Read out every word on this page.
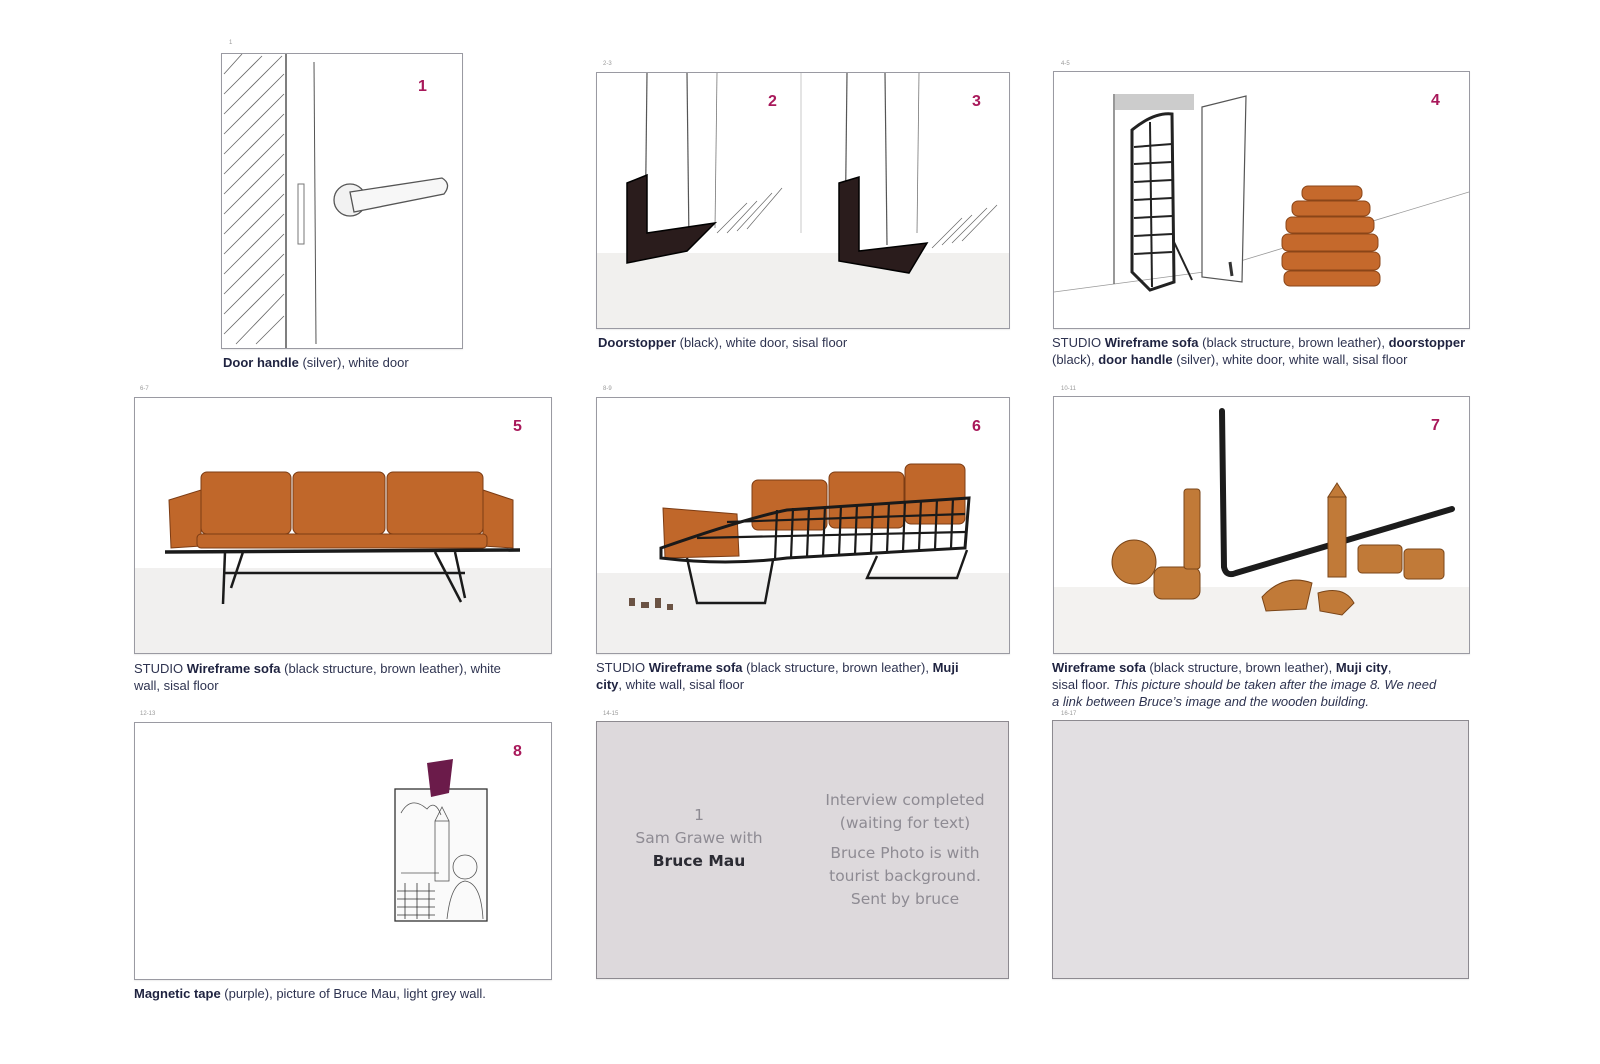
1
1
Door handle (silver), white door
2-3
2	3
Doorstopper (black), white door, sisal floor
4-5
4
STUDIO Wireframe sofa (black structure, brown leather), doorstopper
(black), door handle (silver), white door, white wall, sisal floor
6-7
5
STUDIO Wireframe sofa (black structure, brown leather), white
wall, sisal floor
8-9
6
STUDIO Wireframe sofa (black structure, brown leather), Muji
city, white wall, sisal floor
10-11
7
Wireframe sofa (black structure, brown leather), Muji city,
sisal floor. This picture should be taken after the image 8. We need
a link between Bruce’s image and the wooden building.
12-13
8
Magnetic tape (purple), picture of Bruce Mau, light grey wall.
14-15
1
Sam Grawe with
Bruce Mau
Interview completed
(waiting for text)
Bruce Photo is with
tourist background.
Sent by bruce
16-17
